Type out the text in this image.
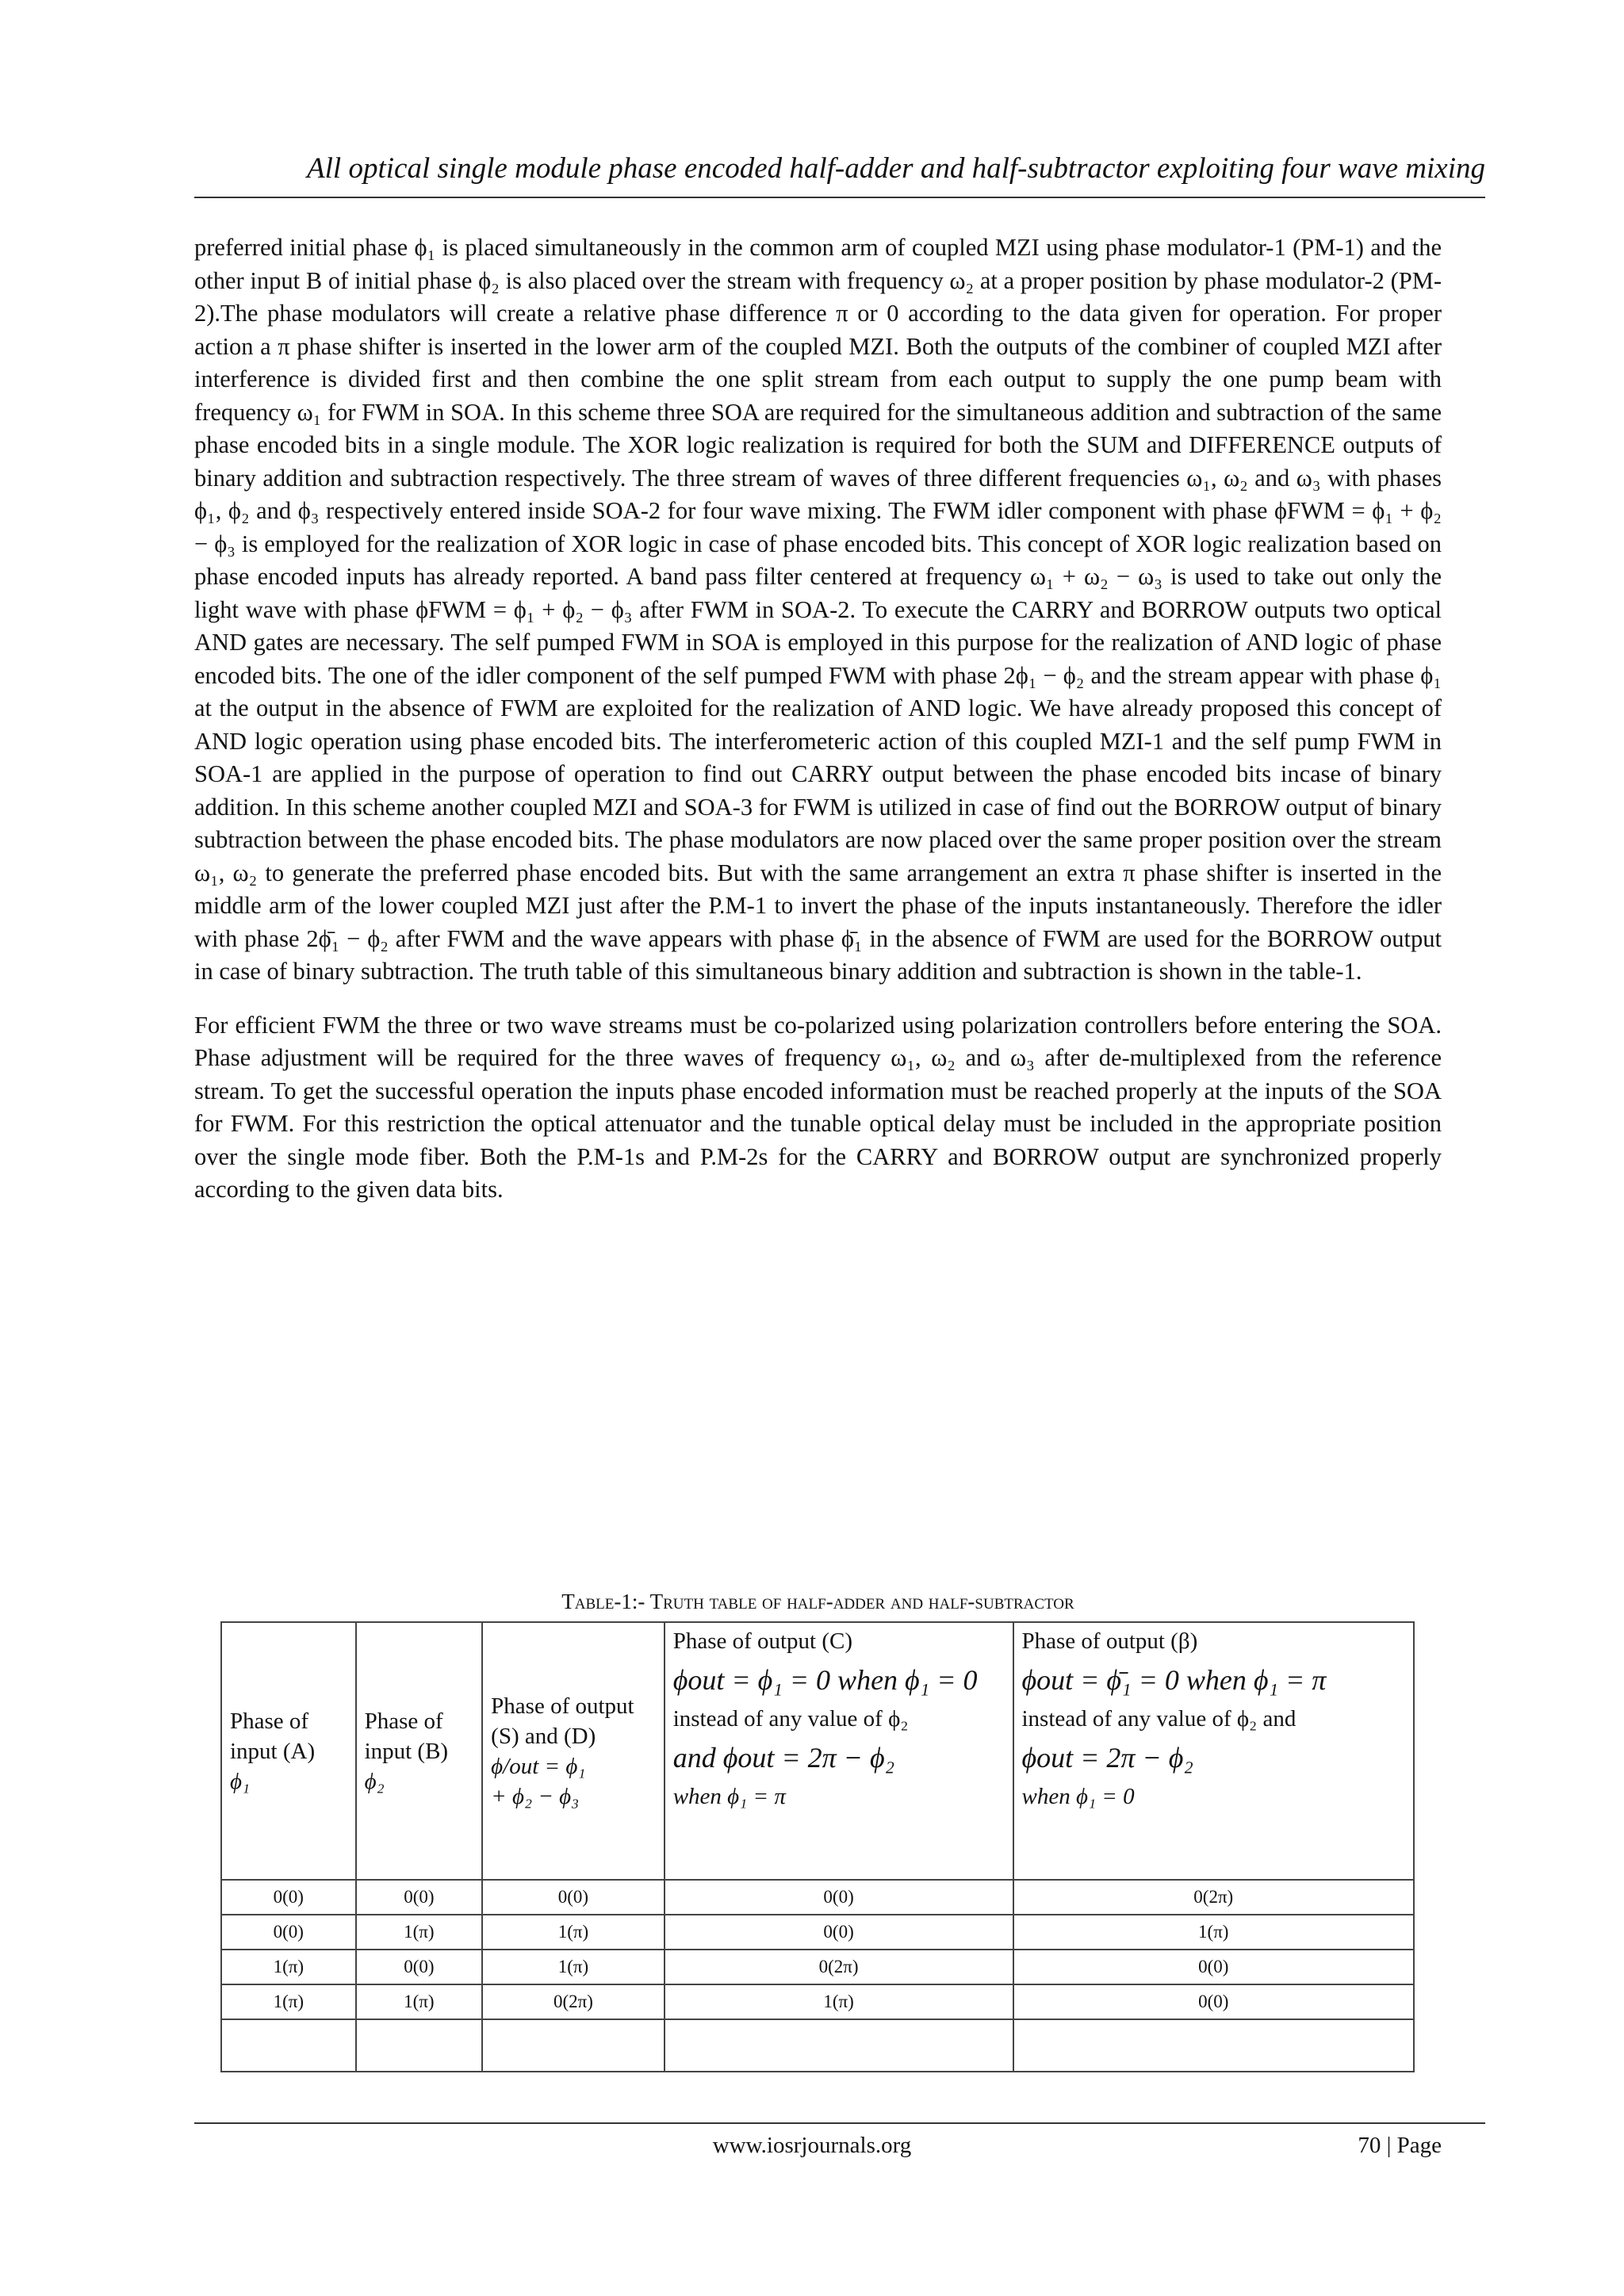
All optical single module phase encoded half-adder and half-subtractor exploiting four wave mixing

preferred initial phase ϕ₁ is placed simultaneously in the common arm of coupled MZI using phase modulator-1 (PM-1) and the other input B of initial phase ϕ₂ is also placed over the stream with frequency ω₂ at a proper position by phase modulator-2 (PM-2).The phase modulators will create a relative phase difference π or 0 according to the data given for operation. For proper action a π phase shifter is inserted in the lower arm of the coupled MZI. Both the outputs of the combiner of coupled MZI after interference is divided first and then combine the one split stream from each output to supply the one pump beam with frequency ω₁ for FWM in SOA. In this scheme three SOA are required for the simultaneous addition and subtraction of the same phase encoded bits in a single module. The XOR logic realization is required for both the SUM and DIFFERENCE outputs of binary addition and subtraction respectively. The three stream of waves of three different frequencies ω₁, ω₂ and ω₃ with phases ϕ₁, ϕ₂ and ϕ₃ respectively entered inside SOA-2 for four wave mixing. The FWM idler component with phase ϕFWM = ϕ₁ + ϕ₂ − ϕ₃ is employed for the realization of XOR logic in case of phase encoded bits. This concept of XOR logic realization based on phase encoded inputs has already reported. A band pass filter centered at frequency ω₁ + ω₂ − ω₃ is used to take out only the light wave with phase ϕFWM = ϕ₁ + ϕ₂ − ϕ₃ after FWM in SOA-2. To execute the CARRY and BORROW outputs two optical AND gates are necessary. The self pumped FWM in SOA is employed in this purpose for the realization of AND logic of phase encoded bits. The one of the idler component of the self pumped FWM with phase 2ϕ₁ − ϕ₂ and the stream appear with phase ϕ₁ at the output in the absence of FWM are exploited for the realization of AND logic. We have already proposed this concept of AND logic operation using phase encoded bits. The interferometeric action of this coupled MZI-1 and the self pump FWM in SOA-1 are applied in the purpose of operation to find out CARRY output between the phase encoded bits incase of binary addition. In this scheme another coupled MZI and SOA-3 for FWM is utilized in case of find out the BORROW output of binary subtraction between the phase encoded bits. The phase modulators are now placed over the same proper position over the stream ω₁, ω₂ to generate the preferred phase encoded bits. But with the same arrangement an extra π phase shifter is inserted in the middle arm of the lower coupled MZI just after the P.M-1 to invert the phase of the inputs instantaneously. Therefore the idler with phase 2ϕ̄₁ − ϕ₂ after FWM and the wave appears with phase ϕ̄₁ in the absence of FWM are used for the BORROW output in case of binary subtraction. The truth table of this simultaneous binary addition and subtraction is shown in the table-1.

For efficient FWM the three or two wave streams must be co-polarized using polarization controllers before entering the SOA. Phase adjustment will be required for the three waves of frequency ω₁, ω₂ and ω₃ after de-multiplexed from the reference stream. To get the successful operation the inputs phase encoded information must be reached properly at the inputs of the SOA for FWM. For this restriction the optical attenuator and the tunable optical delay must be included in the appropriate position over the single mode fiber. Both the P.M-1s and P.M-2s for the CARRY and BORROW output are synchronized properly according to the given data bits.

Table-1:- Truth table of half-adder and half-subtractor
Phase of input (A)
ϕ₁	Phase of input (B)
ϕ₂	Phase of output (S) and (D)
ϕ/out = ϕ₁
+ ϕ₂ − ϕ₃	Phase of output (C)
ϕout = ϕ₁ = 0 when ϕ₁ = 0
instead of any value of ϕ₂
and ϕout = 2π − ϕ₂
when ϕ₁ = π	Phase of output (β)
ϕout = ϕ̄₁ = 0 when ϕ₁ = π
instead of any value of ϕ₂ and
ϕout = 2π − ϕ₂
when ϕ₁ = 0

0(0)	0(0)	0(0)	0(0)	0(2π)
0(0)	1(π)	1(π)	0(0)	1(π)
1(π)	0(0)	1(π)	0(2π)	0(0)
1(π)	1(π)	0(2π)	1(π)	0(0)

www.iosrjournals.org	70 | Page
